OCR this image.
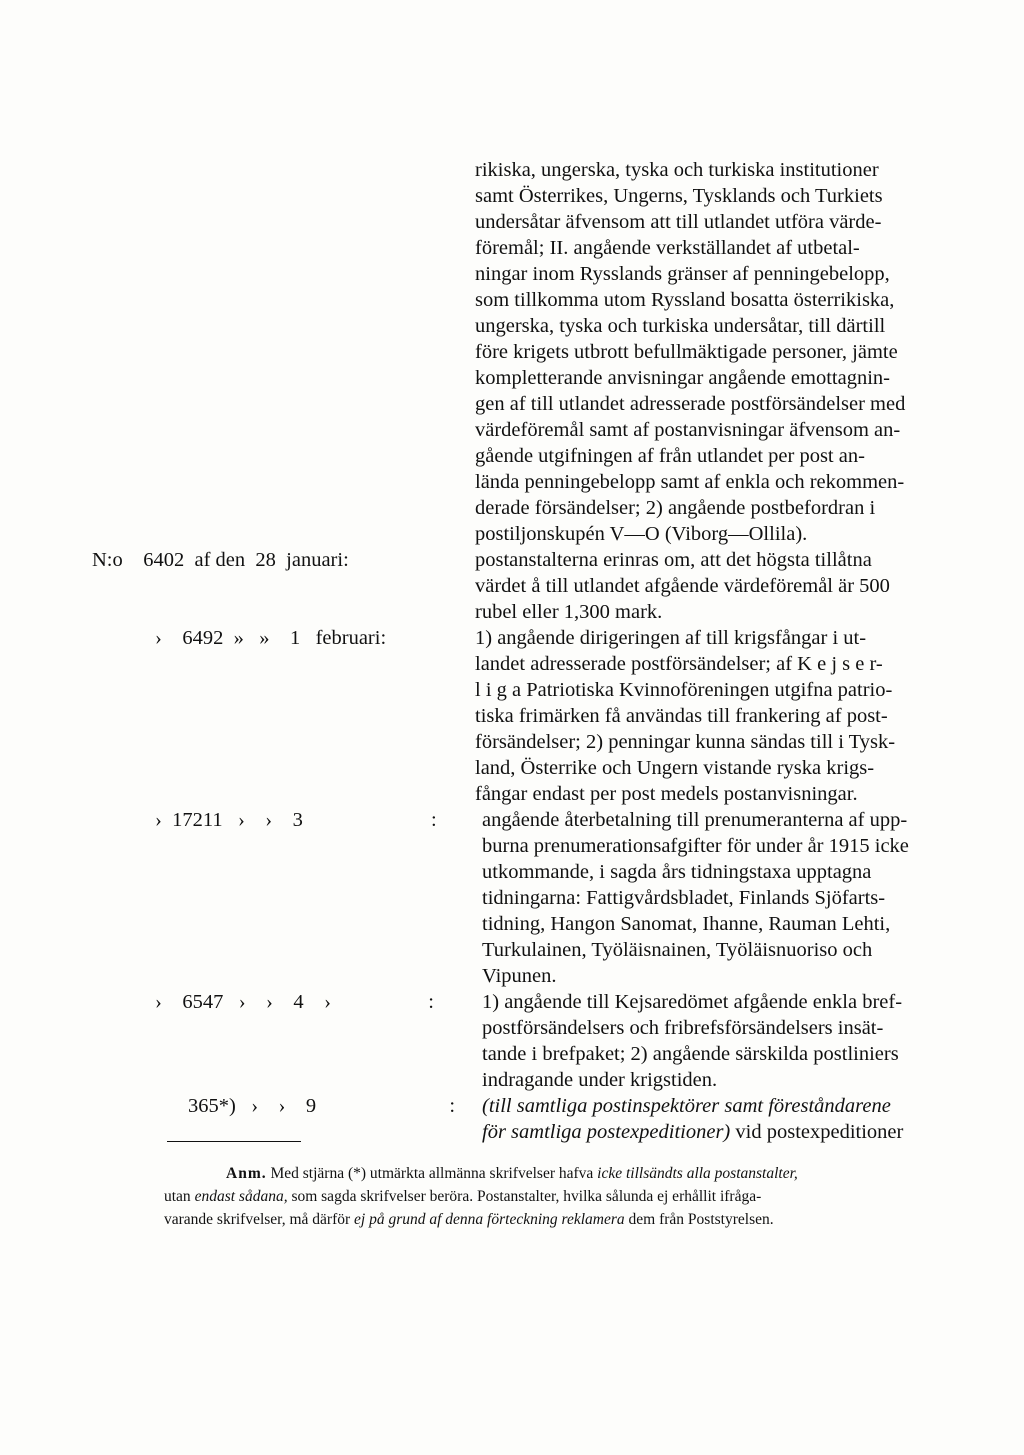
rikiska, ungerska, tyska och turkiska institutioner
samt Österrikes, Ungerns, Tysklands och Turkiets
undersåtar äfvensom att till utlandet utföra värde-
föremål; II. angående verkställandet af utbetal-
ningar inom Rysslands gränser af penningebelopp,
som tillkomma utom Ryssland bosatta österrikiska,
ungerska, tyska och turkiska undersåtar, till därtill
före krigets utbrott befullmäktigade personer, jämte
kompletterande anvisningar angående emottagnin-
gen af till utlandet adresserade postförsändelser med
värdeföremål samt af postanvisningar äfvensom an-
gående utgifningen af från utlandet per post an-
lända penningebelopp samt af enkla och rekommen-
derade försändelser; 2) angående postbefordran i
postiljonskupén V—O (Viborg—Ollila).
N:o    6402  af den  28  januari:	postanstalterna erinras om, att det högsta tillåtna
värdet å till utlandet afgående värdeföremål är 500
rubel eller 1,300 mark.
›    6492  »   »    1   februari:	1) angående dirigeringen af till krigsfångar i ut-
landet adresserade postförsändelser; af K e j s e r-
l i g a Patriotiska Kvinnoföreningen utgifna patrio-
tiska frimärken få användas till frankering af post-
försändelser; 2) penningar kunna sändas till i Tysk-
land, Österrike och Ungern vistande ryska krigs-
fångar endast per post medels postanvisningar.
›  17211   ›    ›    3                         : angående återbetalning till prenumeranterna af upp-
burna prenumerationsafgifter för under år 1915 icke
utkommande, i sagda års tidningstaxa upptagna
tidningarna: Fattigvårdsbladet, Finlands Sjöfarts-
tidning, Hangon Sanomat, Ihanne, Rauman Lehti,
Turkulainen, Työläisnainen, Työläisnuoriso och
Vipunen.
›    6547   ›    ›    4    ›                   : 1) angående till Kejsaredömet afgående enkla bref-
postförsändelsers och fribrefsförsändelsers insät-
tande i brefpaket; 2) angående särskilda postliniers
indragande under krigstiden.
365*)   ›    ›    9                          : (till samtliga postinspektörer samt föreståndarene
för samtliga postexpeditioner) vid postexpeditioner
Anm. Med stjärna (*) utmärkta allmänna skrifvelser hafva icke tillsändts alla postanstalter,
utan endast sådana, som sagda skrifvelser beröra. Postanstalter, hvilka sålunda ej erhållit ifråga-
varande skrifvelser, må därför ej på grund af denna förteckning reklamera dem från Poststyrelsen.
